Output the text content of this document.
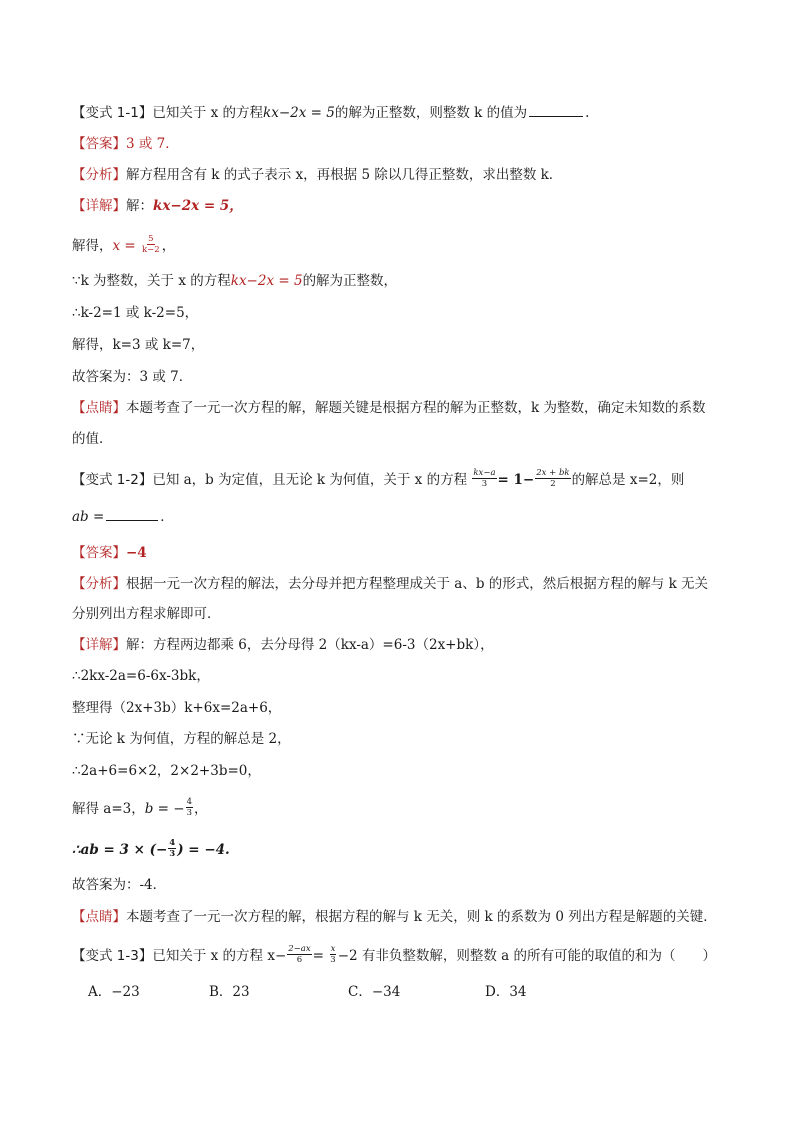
【变式 1-1】已知关于 x 的方程kx−2x = 5的解为正整数，则整数 k 的值为	.
【答案】3 或 7．
【分析】解方程用含有 k 的式子表示 x，再根据 5 除以几得正整数，求出整数 k．
【详解】解：kx−2x = 5，
解得，$x = \frac{5}{k-2}$ ，
∵k 为整数，关于 x 的方程kx−2x = 5的解为正整数，
∴k-2=1 或 k-2=5，
解得，k=3 或 k=7，
故答案为：3 或 7．
【点睛】本题考查了一元一次方程的解，解题关键是根据方程的解为正整数，k 为整数，确定未知数的系数
的值．
【变式 1-2】已知 a，b 为定值，且无论 k 为何值，关于 x 的方程 $\frac{kx-a}{3} = 1- \frac{2x + bk}{2}$ 的解总是 x=2，则
ab =	．
【答案】−4
【分析】根据一元一次方程的解法，去分母并把方程整理成关于 a、b 的形式，然后根据方程的解与 k 无关
分别列出方程求解即可．
【详解】解：方程两边都乘 6，去分母得 2（kx-a）=6-3（2x+bk），
∴2kx-2a=6-6x-3bk，
整理得（2x+3b）k+6x=2a+6，
∵无论 k 为何值，方程的解总是 2，
∴2a+6=6×2，2×2+3b=0，
解得 a=3，b = − $\frac{4}{3}$ ，
∴ab = 3 × (− $\frac{4}{3}$ ) = −4.
故答案为：-4．
【点睛】本题考查了一元一次方程的解，根据方程的解与 k 无关，则 k 的系数为 0 列出方程是解题的关键．
【变式 1-3】已知关于 x 的方程 $x- \frac{2-ax}{6} = \frac{x}{3} -2$ 有非负整数解，则整数 a 的所有可能的取值的和为（　　）
A．−23	B．23	C．−34	D．34
